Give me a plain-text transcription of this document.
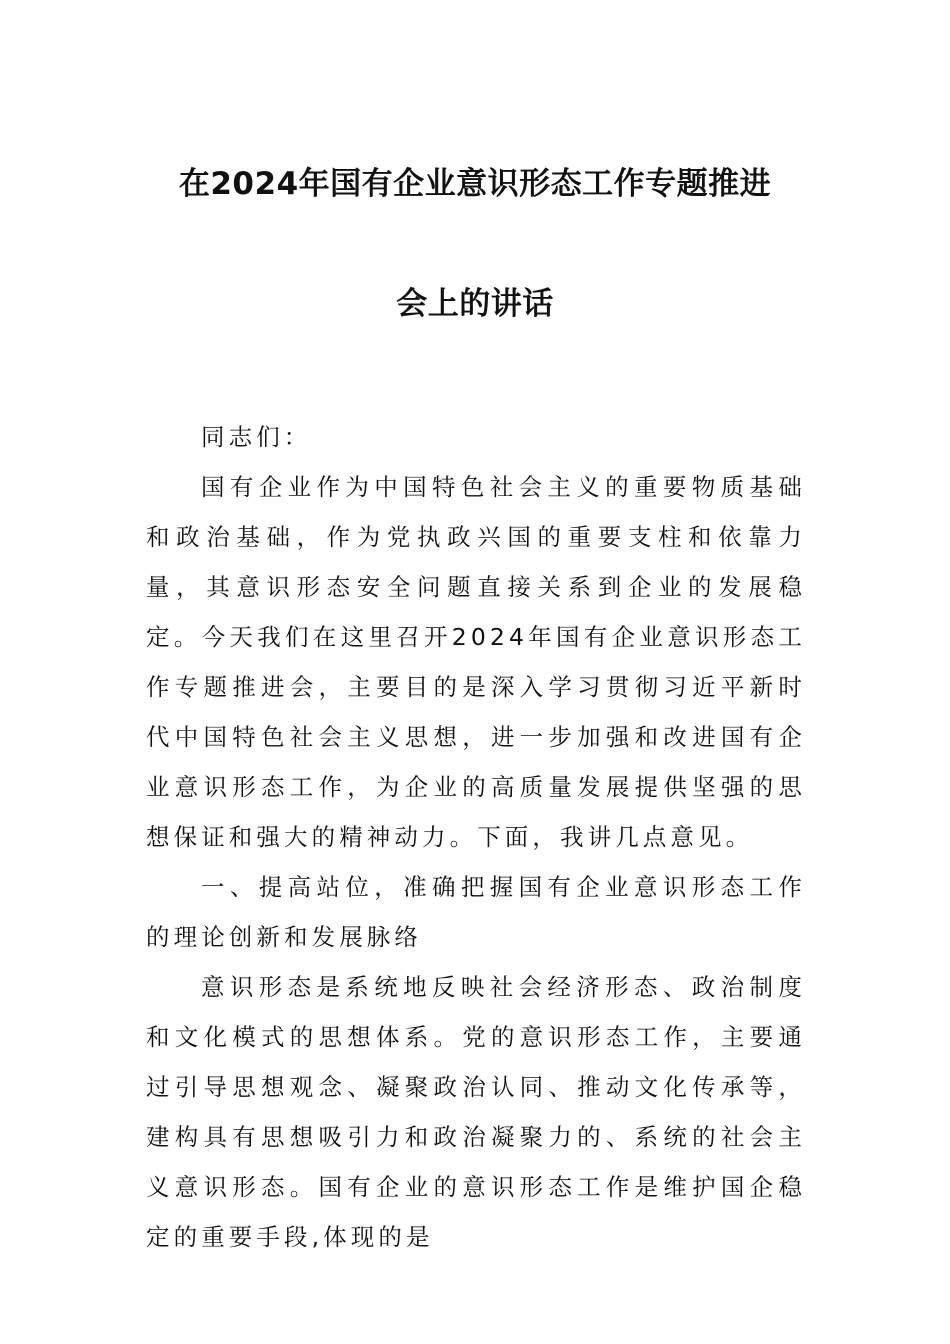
在2024年国有企业意识形态工作专题推进
会上的讲话

同志们：

国有企业作为中国特色社会主义的重要物质基础和政治基础，作为党执政兴国的重要支柱和依靠力量，其意识形态安全问题直接关系到企业的发展稳定。今天我们在这里召开2024年国有企业意识形态工作专题推进会，主要目的是深入学习贯彻习近平新时代中国特色社会主义思想，进一步加强和改进国有企业意识形态工作，为企业的高质量发展提供坚强的思想保证和强大的精神动力。下面，我讲几点意见。

一、提高站位，准确把握国有企业意识形态工作的理论创新和发展脉络

意识形态是系统地反映社会经济形态、政治制度和文化模式的思想体系。党的意识形态工作，主要通过引导思想观念、凝聚政治认同、推动文化传承等，建构具有思想吸引力和政治凝聚力的、系统的社会主义意识形态。国有企业的意识形态工作是维护国企稳定的重要手段,体现的是
